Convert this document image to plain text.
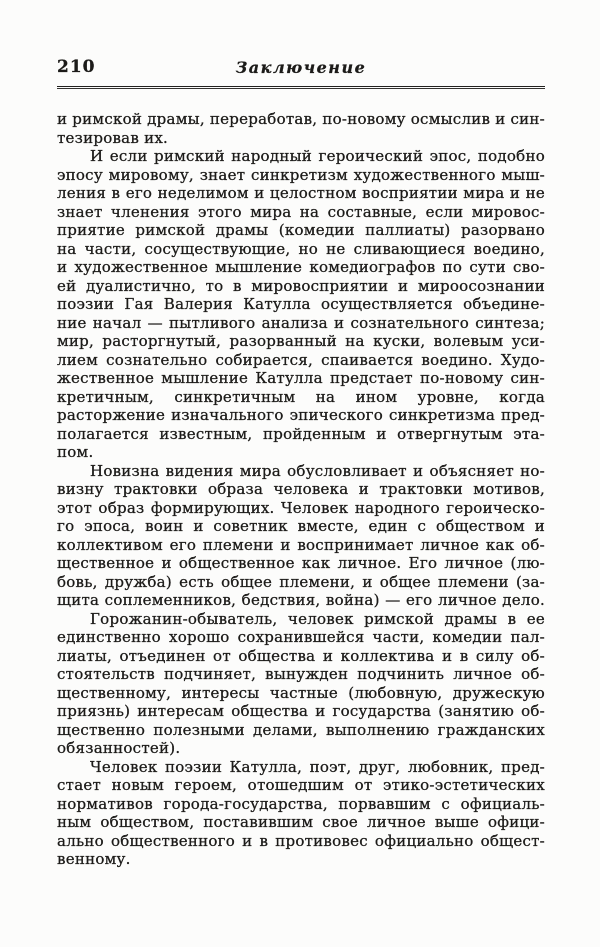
210	Заключение
и римской драмы, переработав, по-новому осмыслив и син-
тезировав их.
И если римский народный героический эпос, подобно
эпосу мировому, знает синкретизм художественного мыш-
ления в его неделимом и целостном восприятии мира и не
знает членения этого мира на составные, если мировос-
приятие римской драмы (комедии паллиаты) разорвано
на части, сосуществующие, но не сливающиеся воедино,
и художественное мышление комедиографов по сути сво-
ей дуалистично, то в мировосприятии и мироосознании
поэзии Гая Валерия Катулла осуществляется объедине-
ние начал — пытливого анализа и сознательного синтеза;
мир, расторгнутый, разорванный на куски, волевым уси-
лием сознательно собирается, спаивается воедино. Худо-
жественное мышление Катулла предстает по-новому син-
кретичным, синкретичным на ином уровне, когда
расторжение изначального эпического синкретизма пред-
полагается известным, пройденным и отвергнутым эта-
пом.
Новизна видения мира обусловливает и объясняет но-
визну трактовки образа человека и трактовки мотивов,
этот образ формирующих. Человек народного героическо-
го эпоса, воин и советник вместе, един с обществом и
коллективом его племени и воспринимает личное как об-
щественное и общественное как личное. Его личное (лю-
бовь, дружба) есть общее племени, и общее племени (за-
щита соплеменников, бедствия, война) — его личное дело.
Горожанин-обыватель, человек римской драмы в ее
единственно хорошо сохранившейся части, комедии пал-
лиаты, отъединен от общества и коллектива и в силу об-
стоятельств подчиняет, вынужден подчинить личное об-
щественному, интересы частные (любовную, дружескую
приязнь) интересам общества и государства (занятию об-
щественно полезными делами, выполнению гражданских
обязанностей).
Человек поэзии Катулла, поэт, друг, любовник, пред-
стает новым героем, отошедшим от этико-эстетических
нормативов города-государства, порвавшим с официаль-
ным обществом, поставившим свое личное выше офици-
ально общественного и в противовес официально общест-
венному.
